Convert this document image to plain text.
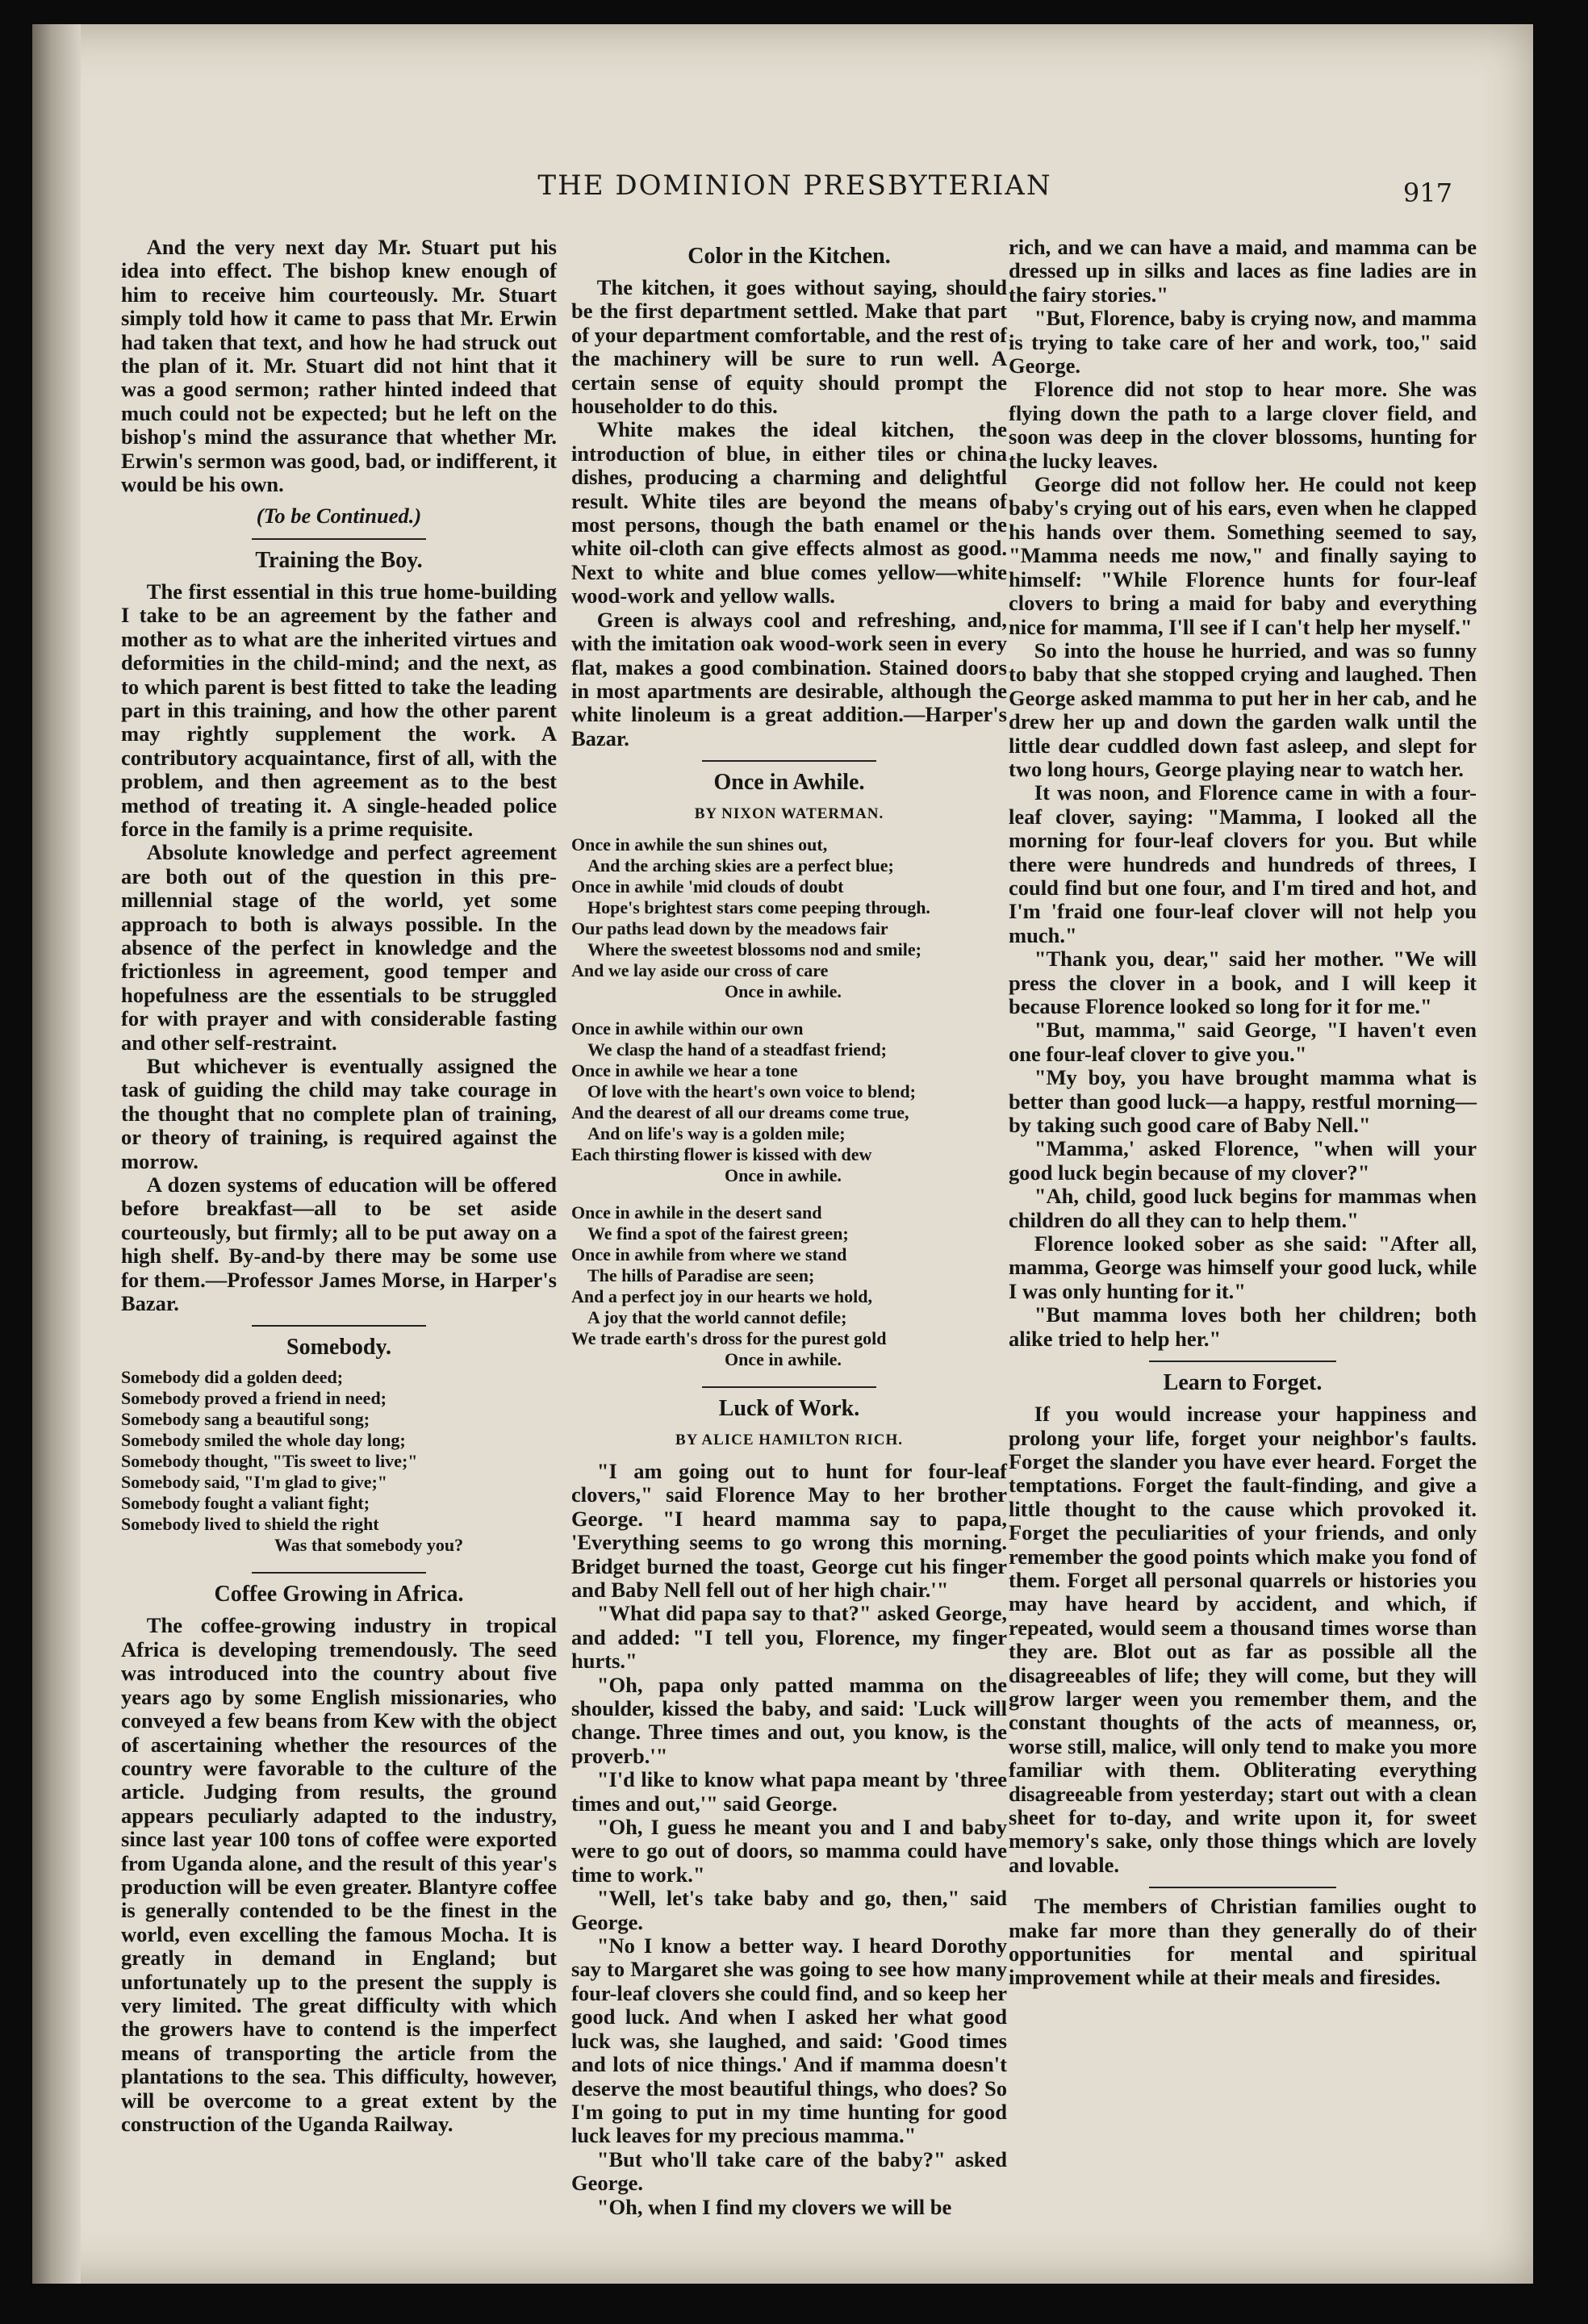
THE DOMINION PRESBYTERIAN	917

And the very next day Mr. Stuart put his idea into effect. The bishop knew enough of him to receive him courteously. Mr. Stuart simply told how it came to pass that Mr. Erwin had taken that text, and how he had struck out the plan of it. Mr. Stuart did not hint that it was a good sermon; rather hinted indeed that much could not be expected; but he left on the bishop's mind the assurance that whether Mr. Erwin's sermon was good, bad, or indifferent, it would be his own.

(To be Continued.)
Training the Boy.

The first essential in this true home-building I take to be an agreement by the father and mother as to what are the inherited virtues and deformities in the child-mind; and the next, as to which parent is best fitted to take the leading part in this training, and how the other parent may rightly supplement the work. A contributory acquaintance, first of all, with the problem, and then agreement as to the best method of treating it. A single-headed police force in the family is a prime requisite.

Absolute knowledge and perfect agreement are both out of the question in this pre-millennial stage of the world, yet some approach to both is always possible. In the absence of the perfect in knowledge and the frictionless in agreement, good temper and hopefulness are the essentials to be struggled for with prayer and with considerable fasting and other self-restraint.

But whichever is eventually assigned the task of guiding the child may take courage in the thought that no complete plan of training, or theory of training, is required against the morrow.

A dozen systems of education will be offered before breakfast—all to be set aside courteously, but firmly; all to be put away on a high shelf. By-and-by there may be some use for them.—Professor James Morse, in Harper's Bazar.

Somebody.
Somebody did a golden deed;
Somebody proved a friend in need;
Somebody sang a beautiful song;
Somebody smiled the whole day long;
Somebody thought, "Tis sweet to live;"
Somebody said, "I'm glad to give;"
Somebody fought a valiant fight;
Somebody lived to shield the right
Was that somebody you?
Coffee Growing in Africa.

The coffee-growing industry in tropical Africa is developing tremendously. The seed was introduced into the country about five years ago by some English missionaries, who conveyed a few beans from Kew with the object of ascertaining whether the resources of the country were favorable to the culture of the article. Judging from results, the ground appears peculiarly adapted to the industry, since last year 100 tons of coffee were exported from Uganda alone, and the result of this year's production will be even greater. Blantyre coffee is generally contended to be the finest in the world, even excelling the famous Mocha. It is greatly in demand in England; but unfortunately up to the present the supply is very limited. The great difficulty with which the growers have to contend is the imperfect means of transporting the article from the plantations to the sea. This difficulty, however, will be overcome to a great extent by the construction of the Uganda Railway.

Color in the Kitchen.

The kitchen, it goes without saying, should be the first department settled. Make that part of your department comfortable, and the rest of the machinery will be sure to run well. A certain sense of equity should prompt the householder to do this.

White makes the ideal kitchen, the introduction of blue, in either tiles or china dishes, producing a charming and delightful result. White tiles are beyond the means of most persons, though the bath enamel or the white oil-cloth can give effects almost as good. Next to white and blue comes yellow—white wood-work and yellow walls.

Green is always cool and refreshing, and, with the imitation oak wood-work seen in every flat, makes a good combination. Stained doors in most apartments are desirable, although the white linoleum is a great addition.—Harper's Bazar.

Once in Awhile.
BY NIXON WATERMAN.
Once in awhile the sun shines out,
And the arching skies are a perfect blue;
Once in awhile 'mid clouds of doubt
Hope's brightest stars come peeping through.
Our paths lead down by the meadows fair
Where the sweetest blossoms nod and smile;
And we lay aside our cross of care
Once in awhile.
Once in awhile within our own
We clasp the hand of a steadfast friend;
Once in awhile we hear a tone
Of love with the heart's own voice to blend;
And the dearest of all our dreams come true,
And on life's way is a golden mile;
Each thirsting flower is kissed with dew
Once in awhile.
Once in awhile in the desert sand
We find a spot of the fairest green;
Once in awhile from where we stand
The hills of Paradise are seen;
And a perfect joy in our hearts we hold,
A joy that the world cannot defile;
We trade earth's dross for the purest gold
Once in awhile.
Luck of Work.
BY ALICE HAMILTON RICH.

"I am going out to hunt for four-leaf clovers," said Florence May to her brother George. "I heard mamma say to papa, 'Everything seems to go wrong this morning. Bridget burned the toast, George cut his finger and Baby Nell fell out of her high chair.'"

"What did papa say to that?" asked George, and added: "I tell you, Florence, my finger hurts."

"Oh, papa only patted mamma on the shoulder, kissed the baby, and said: 'Luck will change. Three times and out, you know, is the proverb.'"

"I'd like to know what papa meant by 'three times and out,'" said George.

"Oh, I guess he meant you and I and baby were to go out of doors, so mamma could have time to work."

"Well, let's take baby and go, then," said George.

"No I know a better way. I heard Dorothy say to Margaret she was going to see how many four-leaf clovers she could find, and so keep her good luck. And when I asked her what good luck was, she laughed, and said: 'Good times and lots of nice things.' And if mamma doesn't deserve the most beautiful things, who does? So I'm going to put in my time hunting for good luck leaves for my precious mamma."

"But who'll take care of the baby?" asked George.

"Oh, when I find my clovers we will be

rich, and we can have a maid, and mamma can be dressed up in silks and laces as fine ladies are in the fairy stories."

"But, Florence, baby is crying now, and mamma is trying to take care of her and work, too," said George.

Florence did not stop to hear more. She was flying down the path to a large clover field, and soon was deep in the clover blossoms, hunting for the lucky leaves.

George did not follow her. He could not keep baby's crying out of his ears, even when he clapped his hands over them. Something seemed to say, "Mamma needs me now," and finally saying to himself: "While Florence hunts for four-leaf clovers to bring a maid for baby and everything nice for mamma, I'll see if I can't help her myself."

So into the house he hurried, and was so funny to baby that she stopped crying and laughed. Then George asked mamma to put her in her cab, and he drew her up and down the garden walk until the little dear cuddled down fast asleep, and slept for two long hours, George playing near to watch her.

It was noon, and Florence came in with a four-leaf clover, saying: "Mamma, I looked all the morning for four-leaf clovers for you. But while there were hundreds and hundreds of threes, I could find but one four, and I'm tired and hot, and I'm 'fraid one four-leaf clover will not help you much."

"Thank you, dear," said her mother. "We will press the clover in a book, and I will keep it because Florence looked so long for it for me."

"But, mamma," said George, "I haven't even one four-leaf clover to give you."

"My boy, you have brought mamma what is better than good luck—a happy, restful morning—by taking such good care of Baby Nell."

"Mamma,' asked Florence, "when will your good luck begin because of my clover?"

"Ah, child, good luck begins for mammas when children do all they can to help them."

Florence looked sober as she said: "After all, mamma, George was himself your good luck, while I was only hunting for it."

"But mamma loves both her children; both alike tried to help her."

Learn to Forget.

If you would increase your happiness and prolong your life, forget your neighbor's faults. Forget the slander you have ever heard. Forget the temptations. Forget the fault-finding, and give a little thought to the cause which provoked it. Forget the peculiarities of your friends, and only remember the good points which make you fond of them. Forget all personal quarrels or histories you may have heard by accident, and which, if repeated, would seem a thousand times worse than they are. Blot out as far as possible all the disagreeables of life; they will come, but they will grow larger ween you remember them, and the constant thoughts of the acts of meanness, or, worse still, malice, will only tend to make you more familiar with them. Obliterating everything disagreeable from yesterday; start out with a clean sheet for to-day, and write upon it, for sweet memory's sake, only those things which are lovely and lovable.

The members of Christian families ought to make far more than they generally do of their opportunities for mental and spiritual improvement while at their meals and firesides.
